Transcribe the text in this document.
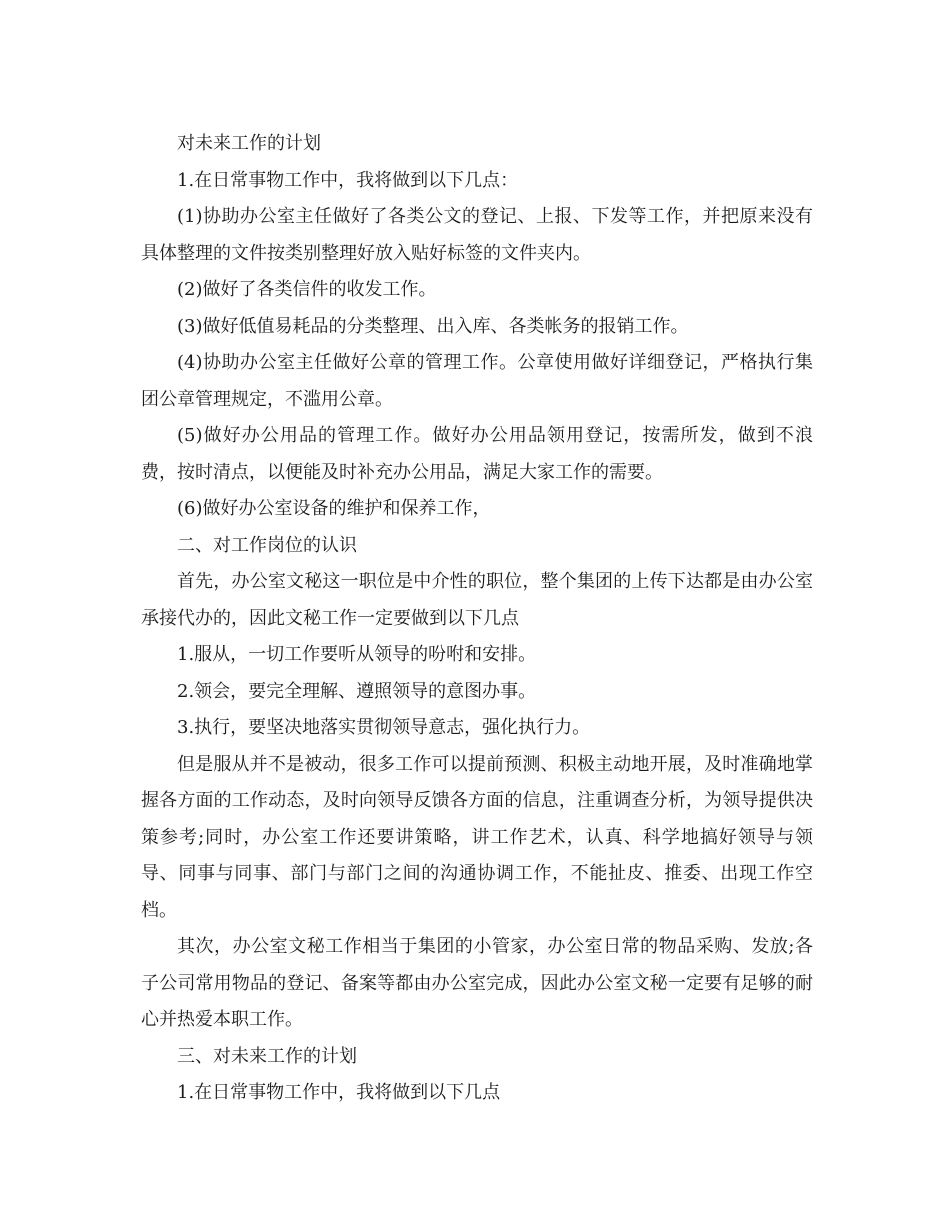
对未来工作的计划

1.在日常事物工作中，我将做到以下几点：

(1)协助办公室主任做好了各类公文的登记、上报、下发等工作，并把原来没有具体整理的文件按类别整理好放入贴好标签的文件夹内。

(2)做好了各类信件的收发工作。

(3)做好低值易耗品的分类整理、出入库、各类帐务的报销工作。

(4)协助办公室主任做好公章的管理工作。公章使用做好详细登记，严格执行集团公章管理规定，不滥用公章。

(5)做好办公用品的管理工作。做好办公用品领用登记，按需所发，做到不浪费，按时清点，以便能及时补充办公用品，满足大家工作的需要。

(6)做好办公室设备的维护和保养工作，

二、对工作岗位的认识

首先，办公室文秘这一职位是中介性的职位，整个集团的上传下达都是由办公室承接代办的，因此文秘工作一定要做到以下几点

1.服从，一切工作要听从领导的吩咐和安排。

2.领会，要完全理解、遵照领导的意图办事。

3.执行，要坚决地落实贯彻领导意志，强化执行力。

但是服从并不是被动，很多工作可以提前预测、积极主动地开展，及时准确地掌握各方面的工作动态，及时向领导反馈各方面的信息，注重调查分析，为领导提供决策参考;同时，办公室工作还要讲策略，讲工作艺术，认真、科学地搞好领导与领导、同事与同事、部门与部门之间的沟通协调工作，不能扯皮、推委、出现工作空档。

其次，办公室文秘工作相当于集团的小管家，办公室日常的物品采购、发放;各子公司常用物品的登记、备案等都由办公室完成，因此办公室文秘一定要有足够的耐心并热爱本职工作。

三、对未来工作的计划

1.在日常事物工作中，我将做到以下几点
